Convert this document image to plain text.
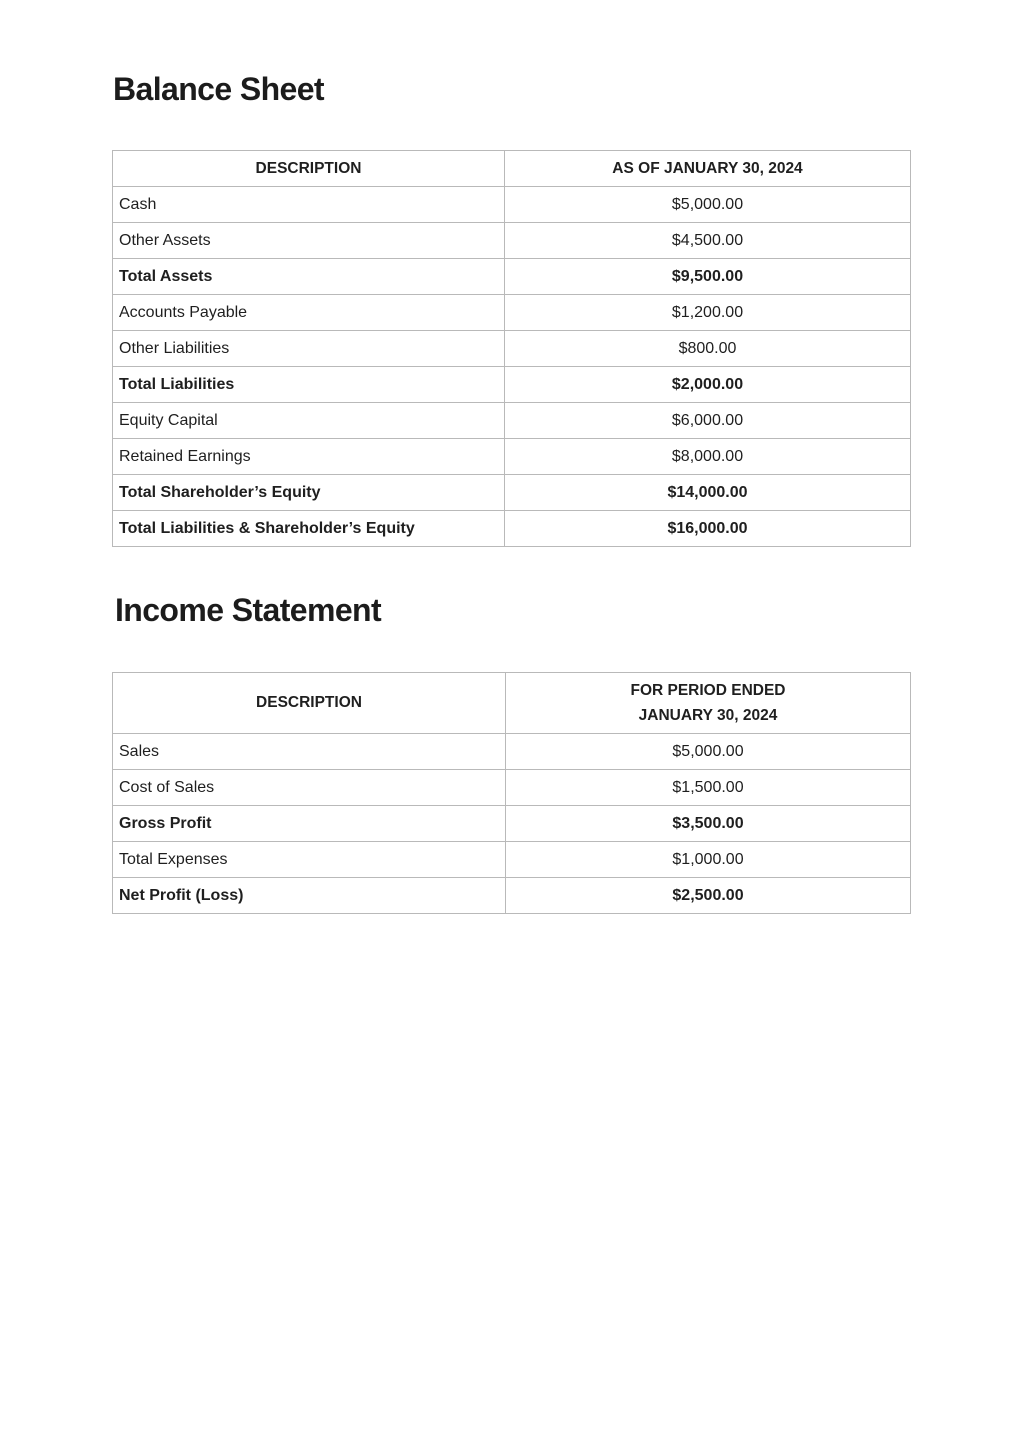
Balance Sheet
DESCRIPTION	AS OF JANUARY 30, 2024
Cash	$5,000.00
Other Assets	$4,500.00
Total Assets	$9,500.00
Accounts Payable	$1,200.00
Other Liabilities	$800.00
Total Liabilities	$2,000.00
Equity Capital	$6,000.00
Retained Earnings	$8,000.00
Total Shareholder’s Equity	$14,000.00
Total Liabilities & Shareholder’s Equity	$16,000.00
Income Statement
DESCRIPTION	FOR PERIOD ENDED
JANUARY 30, 2024

Sales	$5,000.00
Cost of Sales	$1,500.00
Gross Profit	$3,500.00
Total Expenses	$1,000.00
Net Profit (Loss)	$2,500.00
